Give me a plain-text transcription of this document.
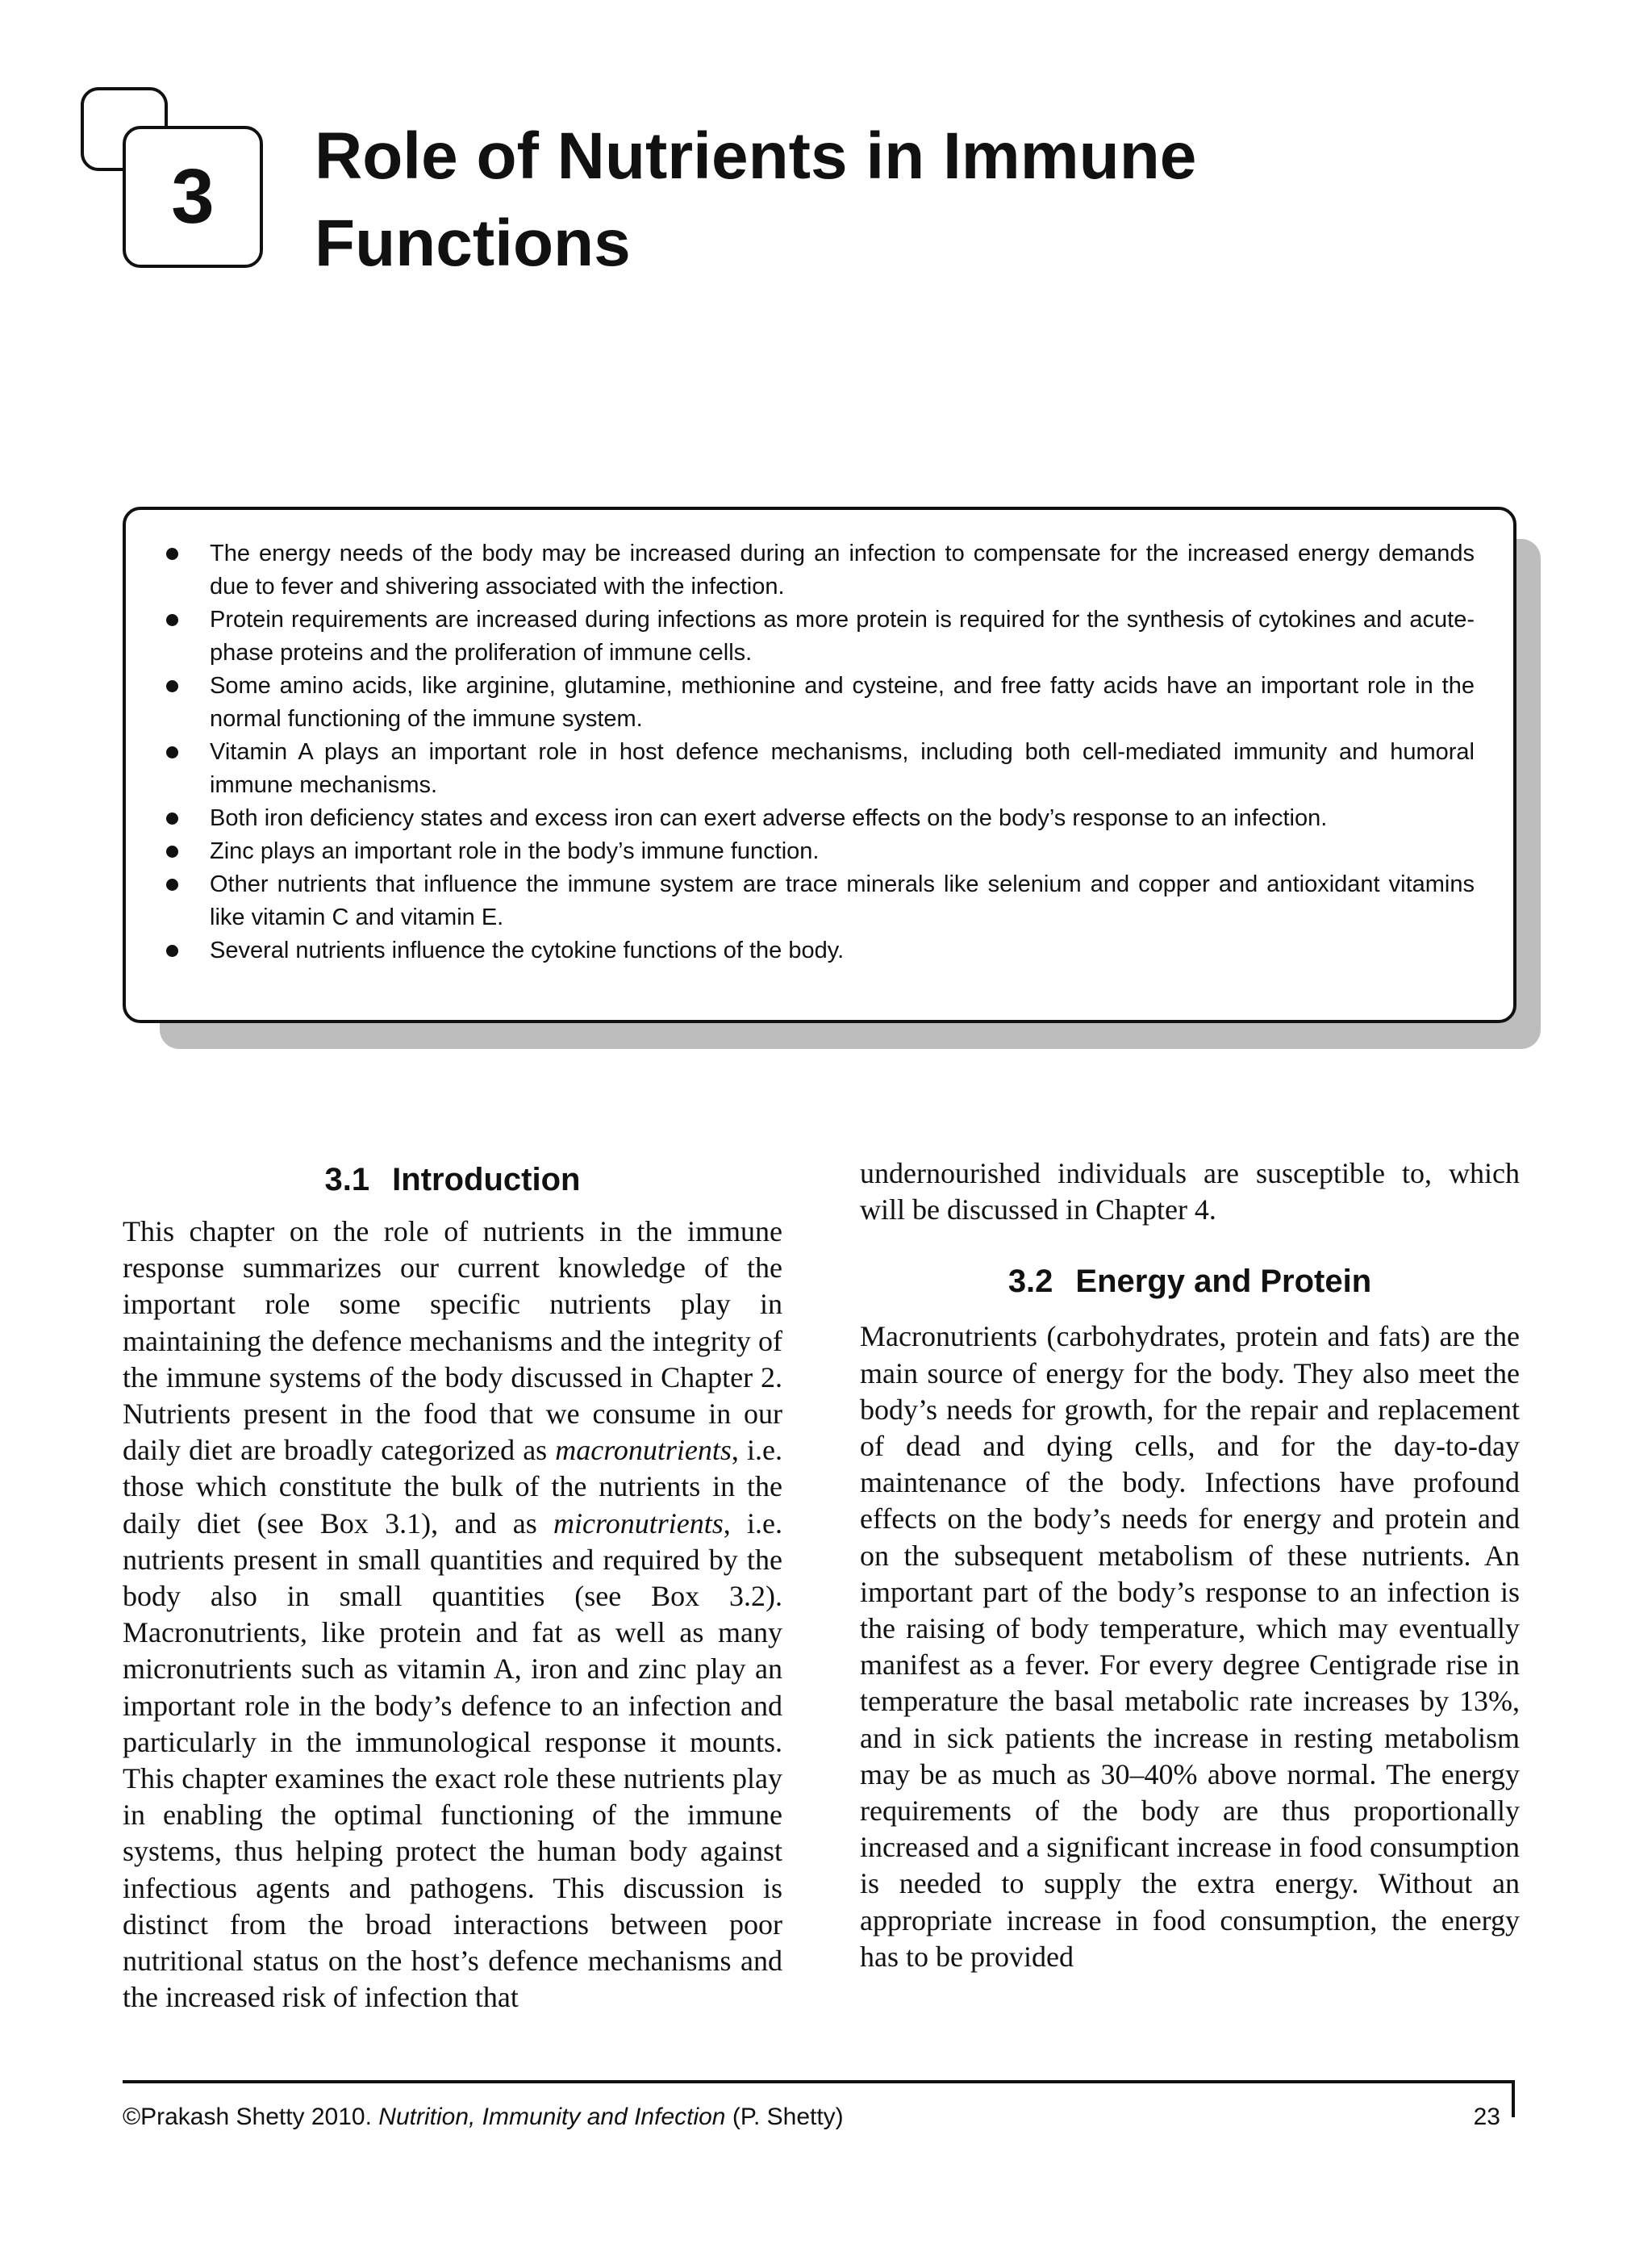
3 Role of Nutrients in Immune Functions
The energy needs of the body may be increased during an infection to compensate for the increased energy demands due to fever and shivering associated with the infection.
Protein requirements are increased during infections as more protein is required for the synthesis of cytokines and acute-phase proteins and the proliferation of immune cells.
Some amino acids, like arginine, glutamine, methionine and cysteine, and free fatty acids have an important role in the normal functioning of the immune system.
Vitamin A plays an important role in host defence mechanisms, including both cell-mediated immunity and humoral immune mechanisms.
Both iron deficiency states and excess iron can exert adverse effects on the body’s response to an infection.
Zinc plays an important role in the body’s immune function.
Other nutrients that influence the immune system are trace minerals like selenium and copper and antioxidant vitamins like vitamin C and vitamin E.
Several nutrients influence the cytokine functions of the body.
3.1 Introduction

This chapter on the role of nutrients in the immune response summarizes our current knowledge of the important role some specific nutrients play in maintaining the defence mechanisms and the integrity of the immune systems of the body discussed in Chapter 2. Nutrients present in the food that we consume in our daily diet are broadly categorized as macronutrients, i.e. those which constitute the bulk of the nutrients in the daily diet (see Box 3.1), and as micronutrients, i.e. nutrients present in small quantities and required by the body also in small quantities (see Box 3.2). Macronutrients, like protein and fat as well as many micronutrients such as vitamin A, iron and zinc play an important role in the body’s defence to an infection and particularly in the immunological response it mounts. This chapter examines the exact role these nutrients play in enabling the optimal functioning of the immune systems, thus helping protect the human body against infectious agents and pathogens. This discussion is distinct from the broad interactions between poor nutritional status on the host’s defence mechanisms and the increased risk of infection that

undernourished individuals are susceptible to, which will be discussed in Chapter 4.

3.2 Energy and Protein

Macronutrients (carbohydrates, protein and fats) are the main source of energy for the body. They also meet the body’s needs for growth, for the repair and replacement of dead and dying cells, and for the day-to-day maintenance of the body. Infections have profound effects on the body’s needs for energy and protein and on the subsequent metabolism of these nutrients. An important part of the body’s response to an infection is the raising of body temperature, which may eventually manifest as a fever. For every degree Centigrade rise in temperature the basal metabolic rate increases by 13%, and in sick patients the increase in resting metabolism may be as much as 30–40% above normal. The energy requirements of the body are thus proportionally increased and a significant increase in food consumption is needed to supply the extra energy. Without an appropriate increase in food consumption, the energy has to be provided

©Prakash Shetty 2010. Nutrition, Immunity and Infection (P. Shetty)	23
